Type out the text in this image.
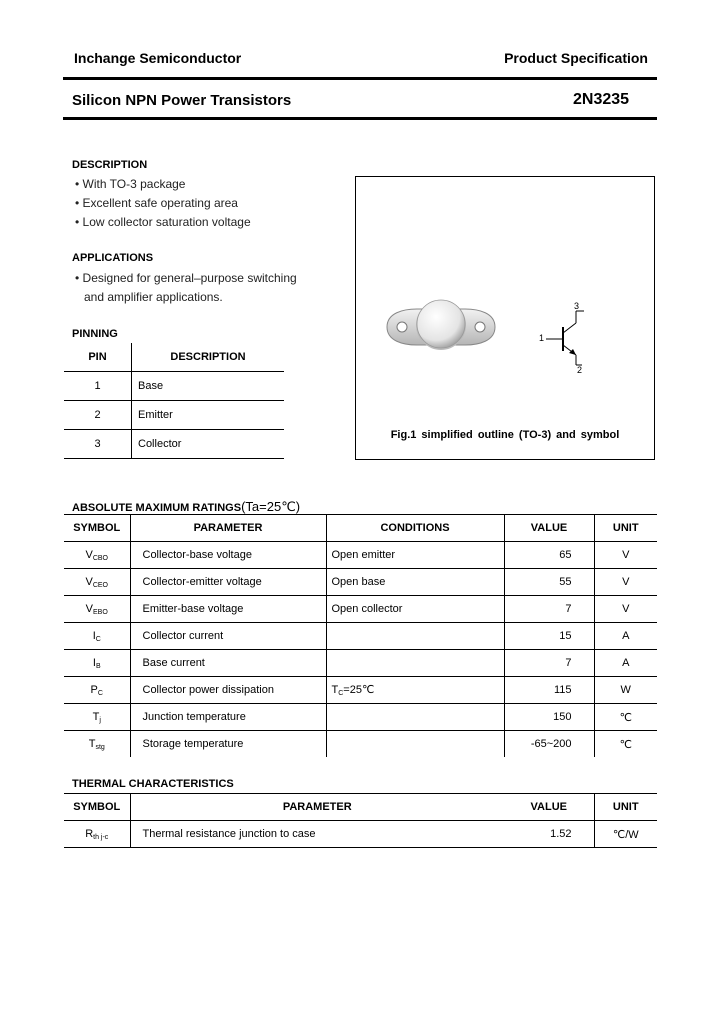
Inchange Semiconductor	Product Specification
Silicon NPN Power Transistors	2N3235
DESCRIPTION
• With TO-3 package
• Excellent safe operating area
• Low collector saturation voltage
APPLICATIONS
• Designed for general–purpose switching
and amplifier applications.
PINNING
PIN	DESCRIPTION
1	Base
2	Emitter
3	Collector
3
1
2
Fig.1 simplified outline (TO-3) and symbol
ABSOLUTE MAXIMUM RATINGS(Ta=25℃)
SYMBOL	PARAMETER	CONDITIONS	VALUE	UNIT
VCBO	Collector-base voltage	Open emitter	65	V
VCEO	Collector-emitter voltage	Open base	55	V
VEBO	Emitter-base voltage	Open collector	7	V
IC	Collector current		15	A
IB	Base current		7	A
PC	Collector power dissipation	TC=25℃	115	W
Tj	Junction temperature		150	℃
Tstg	Storage temperature		-65~200	℃
THERMAL CHARACTERISTICS
SYMBOL	PARAMETER	VALUE	UNIT
Rth j-c	Thermal resistance junction to case	1.52	℃/W
